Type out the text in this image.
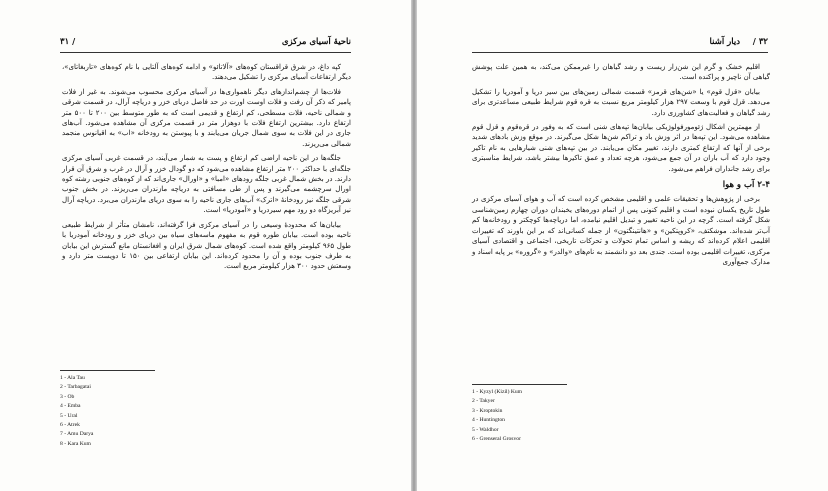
ناحیهٔ آسیای مرکزی
/ ۳۱

کپه داغ، در شرق قراقستان کوه‌های «آلاتائو» و ادامه کوه‌های آلتایی با نام کوه‌های «تاربغاتای»، دیگر ارتفاعات آسیای مرکزی را تشکیل می‌دهند.

فلات‌ها از چشم‌اندازهای دیگر ناهمواری‌ها در آسیای مرکزی محسوب می‌شوند. به غیر از فلات پامیر که ذکر آن رفت و فلات اوست اورت در حد فاصل دریای خزر و دریاچه آرال، در قسمت شرقی و شمالی ناحیه، فلات مسطحی، کم ارتفاع و قدیمی است که به طور متوسط بین ۲۰۰ تا ۵۰۰ متر ارتفاع دارد. بیشترین ارتفاع فلات با دوهزار متر در قسمت مرکزی آن مشاهده می‌شود. آب‌های جاری در این فلات به سوی شمال جریان می‌یابند و با پیوستن به رودخانه «اب» به اقیانوس منجمد شمالی می‌ریزند.

جلگه‌ها در این ناحیه اراضی کم ارتفاع و پست به شمار می‌آیند، در قسمت غربی آسیای مرکزی جلگه‌ای با حداکثر ۲۰۰ متر ارتفاع مشاهده می‌شود که دو گودال خزر و آرال در غرب و شرق آن قرار دارند. در بخش شمال غربی جلگه رودهای «امبا» و «اورال» جاری‌اند که از کوه‌های جنوبی رشته کوه اورال سرچشمه می‌گیرند و پس از طی مسافتی به دریاچه مازندران می‌ریزند. در بخش جنوب شرقی جلگه نیز رودخانهٔ «اترک» آب‌های جاری ناحیه را به سوی دریای مازندران می‌برد. دریاچه آرال نیز آبریزگاه دو رود مهم سیردریا و «آمودریا» است.

بیابان‌ها که محدودهٔ وسیعی را در آسیای مرکزی فرا گرفته‌اند، نامشان متأثر از شرایط طبیعی ناحیه بوده است. بیابان طوره قوم به مفهوم ماسه‌های سیاه بین دریای خزر و رودخانه آمودریا با طول ۹۶۵ کیلومتر واقع شده است. کوه‌های شمال شرق ایران و افغانستان مانع گسترش این بیابان به طرف جنوب بوده و آن را محدود کرده‌اند. این بیابان ارتفاعی بین ۱۵۰ تا دویست متر دارد و وسعتش حدود ۳۰۰ هزار کیلومتر مربع است.

1 - Ala Tau
2 - Tarbagatai
3 - Ob
4 - Emba
5 - Ural
6 - Atrek
7 - Amu Darya
8 - Kara Kum
۳۲ /
دیار آشنا

اقلیم خشک و گرم این شن‌زار زیست و رشد گیاهان را غیرممکن می‌کند، به همین علت پوشش گیاهی آن ناچیز و پراکنده است.

بیابان «قزل قوم» یا «شن‌های قرمز» قسمت شمالی زمین‌های بین سیر دریا و آمودریا را تشکیل می‌دهد. قزل قوم با وسعت ۲۹۷ هزار کیلومتر مربع نسبت به قره قوم شرایط طبیعی مساعدتری برای رشد گیاهان و فعالیت‌های کشاورزی دارد.

از مهمترین اشکال ژئومورفولوژیکی بیابان‌ها تپه‌های شنی است که به وفور در قره‌قوم و قزل قوم مشاهده می‌شود. این تپه‌ها در اثر وزش باد و تراکم شن‌ها شکل می‌گیرند. در موقع وزش بادهای شدید برخی از آنها که ارتفاع کمتری دارند، تغییر مکان می‌یابند. در بین تپه‌های شنی شیارهایی به نام تاکیر وجود دارد که آب باران در آن جمع می‌شود، هرچه تعداد و عمق تاکیرها بیشتر باشد، شرایط مناسبتری برای رشد جانداران فراهم می‌شود.

۲-۴ آب و هوا

برخی از پژوهش‌ها و تحقیقات علمی و اقلیمی مشخص کرده است که آب و هوای آسیای مرکزی در طول تاریخ یکسان نبوده است و اقلیم کنونی پس از اتمام دوره‌های یخبندان دوران چهارم زمین‌شناسی شکل گرفته است. گرچه در این ناحیه تغییر و تبدیل اقلیم نیامده، اما دریاچه‌ها کوچکتر و رودخانه‌ها کم آب‌تر شده‌اند. موشکتف، «کروپتکین» و «هانتینگتون» از جمله کسانی‌اند که بر این باورند که تغییرات اقلیمی اعلام کرده‌اند که ریشه و اساس تمام تحولات و تحرکات تاریخی، اجتماعی و اقتصادی آسیای مرکزی، تغییرات اقلیمی بوده است. جندی بعد دو دانشمند به نام‌های «والدر» و «گروره» بر پایه اسناد و مدارک جمع‌آوری

1 - Kyzyl (Kizil) Kum
2 - Takyer
3 - Kroptokin
4 - Huntington
5 - Waldhor
6 - Grenseral Grosvor
